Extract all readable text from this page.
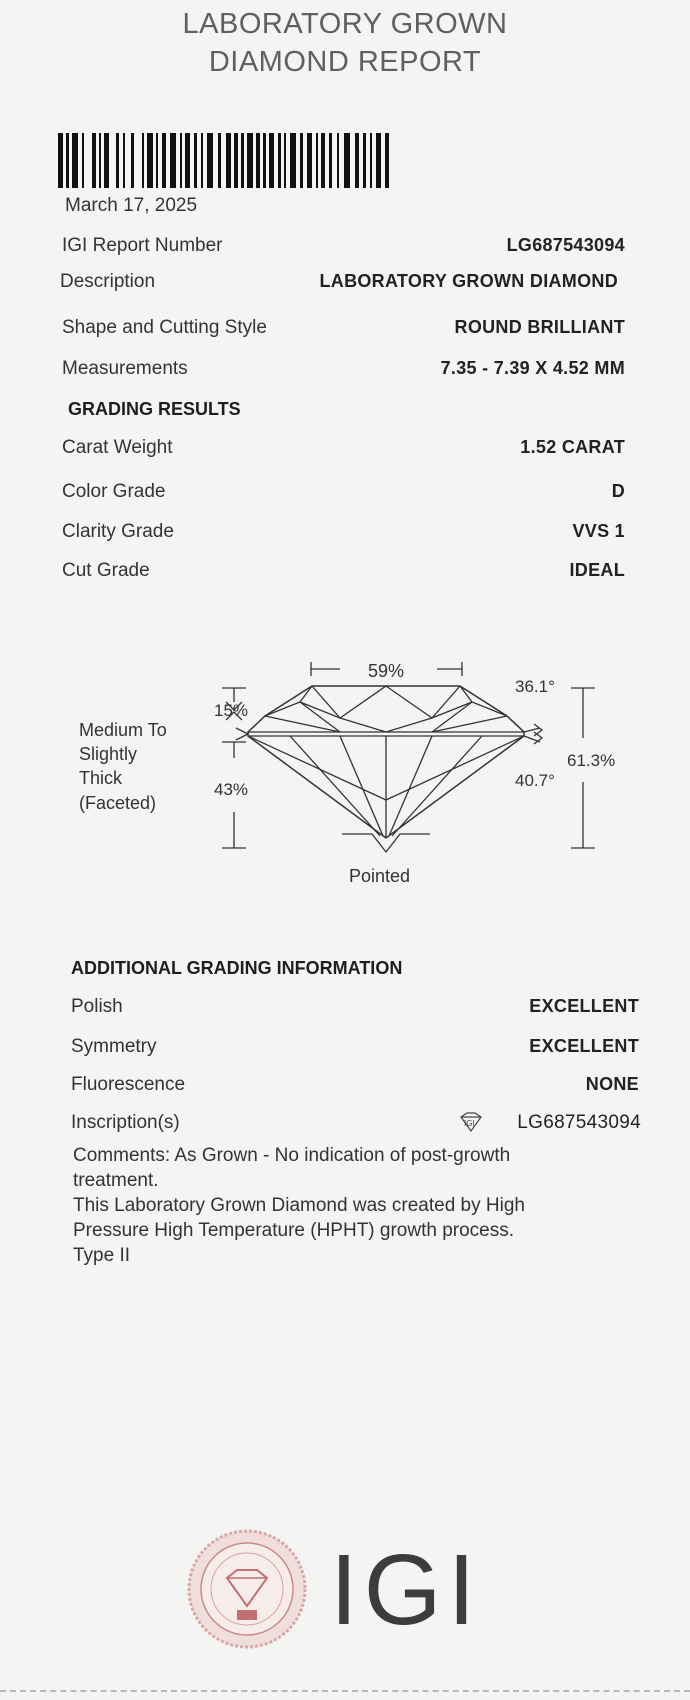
LABORATORY GROWN
DIAMOND REPORT
March 17, 2025
IGI Report Number	LG687543094
Description	LABORATORY GROWN DIAMOND
Shape and Cutting Style	ROUND BRILLIANT
Measurements	7.35 - 7.39 X 4.52 MM
GRADING RESULTS
Carat Weight	1.52 CARAT
Color Grade	D
Clarity Grade	VVS 1
Cut Grade	IDEAL
59%
15%
43%
36.1°
40.7°
61.3%
Medium To
Slightly
Thick
(Faceted)
Pointed
ADDITIONAL GRADING INFORMATION
Polish	EXCELLENT
Symmetry	EXCELLENT
Fluorescence	NONE
Inscription(s)	LG687543094
IGI
Comments: As Grown - No indication of post-growth
treatment.
This Laboratory Grown Diamond was created by High
Pressure High Temperature (HPHT) growth process.
Type II
IGI
